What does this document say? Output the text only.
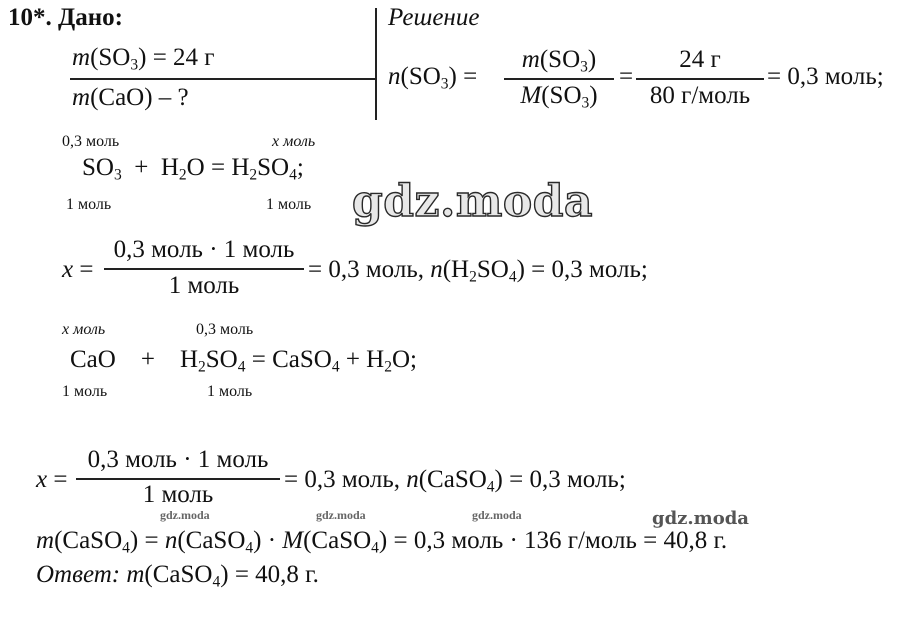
10*. Дано:	Решение
$m(SO_3) = 24$ г
m(CaO) – ?
$n(SO_3)$ =
$m(SO_3)$
$M(SO_3)$
=
24 г
80 г/моль
= 0,3 моль;
0,3 моль	x моль
$SO_3 + H_2O = H_2SO_4$;
1 моль	1 моль gdz.moda
x =
0,3 моль · 1 моль
1 моль
= 0,3 моль, $n(H_2SO_4) = 0,3$ моль;
x моль	0,3 моль
CaO +    $H_2SO_4$ = CaSO$_4$ + $H_2O$;
1 моль	1 моль
x =
0,3 моль · 1 моль
1 моль
= 0,3 моль, n(CaSO$_4$) = 0,3 моль;
gdz.moda	gdz.moda	gdz.moda	gdz.moda
m(CaSO$_4$) = n(CaSO$_4$) · M(CaSO$_4$) = 0,3 моль · 136 г/моль = 40,8 г.
Ответ: m(CaSO$_4$) = 40,8 г.
